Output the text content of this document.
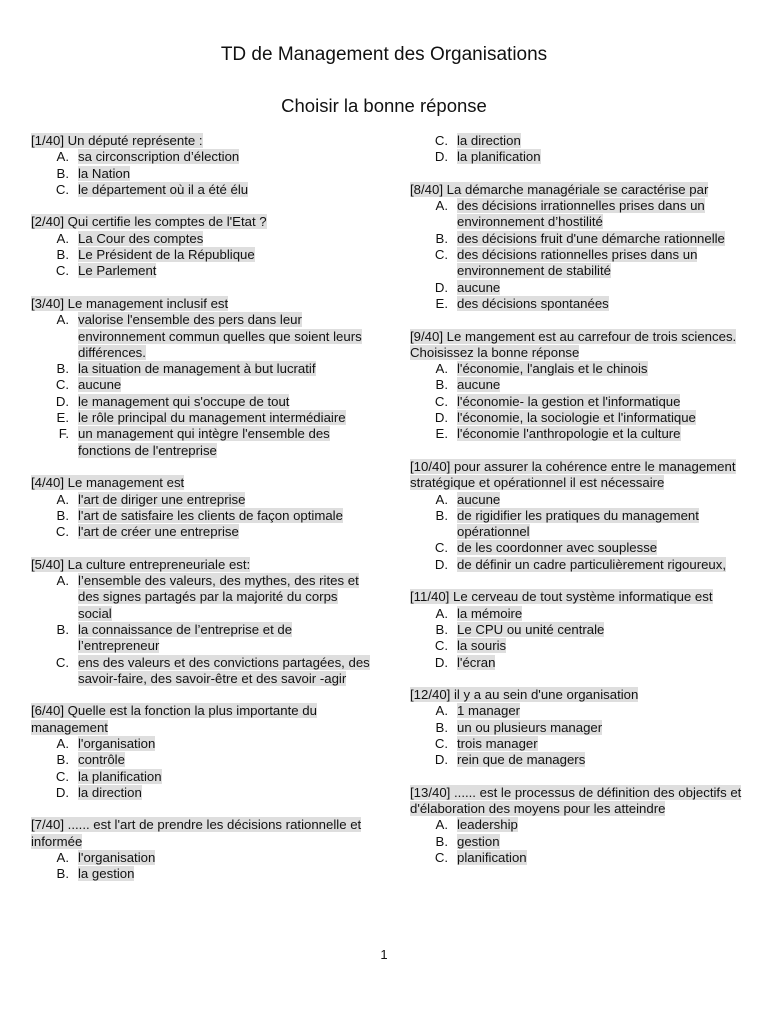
TD de Management des Organisations
Choisir la bonne réponse
[1/40] Un député représente :
A. sa circonscription d’élection
B. la Nation
C. le département où il a été élu
[2/40] Qui certifie les comptes de l'Etat ?
A. La Cour des comptes
B. Le Président de la République
C. Le Parlement
[3/40] Le management inclusif est
A. valorise l'ensemble des pers dans leur environnement commun quelles que soient leurs différences.
B. la situation de management à but lucratif
C. aucune
D. le management qui s'occupe de tout
E. le rôle principal du management intermédiaire
F. un management qui intègre l'ensemble des fonctions de l'entreprise
[4/40] Le management est
A. l'art de diriger une entreprise
B. l'art de satisfaire les clients de façon optimale
C. l'art de créer une entreprise
[5/40] La culture entrepreneuriale est:
A. l’ensemble des valeurs, des mythes, des rites et des signes partagés par la majorité du corps social
B. la connaissance de l’entreprise et de l’entrepreneur
C. ens des valeurs et des convictions partagées, des savoir-faire, des savoir-être et des savoir -agir
[6/40] Quelle est la fonction la plus importante du management
A. l'organisation
B. contrôle
C. la planification
D. la direction
[7/40] ...... est l'art de prendre les décisions rationnelle et informée
A. l'organisation
B. la gestion
C. la direction
D. la planification
[8/40] La démarche managériale se caractérise par
A. des décisions irrationnelles prises dans un environnement d’hostilité
B. des décisions fruit d'une démarche rationnelle
C. des décisions rationnelles prises dans un environnement de stabilité
D. aucune
E. des décisions spontanées
[9/40] Le mangement est au carrefour de trois sciences. Choisissez la bonne réponse
A. l'économie, l'anglais et le chinois
B. aucune
C. l'économie- la gestion et l'informatique
D. l'économie, la sociologie et l'informatique
E. l'économie l'anthropologie et la culture
[10/40] pour assurer la cohérence entre le management stratégique et opérationnel il est nécessaire
A. aucune
B. de rigidifier les pratiques du management opérationnel
C. de les coordonner avec souplesse
D. de définir un cadre particulièrement rigoureux,
[11/40] Le cerveau de tout système informatique est
A. la mémoire
B. Le CPU ou unité centrale
C. la souris
D. l'écran
[12/40] il y a au sein d'une organisation
A. 1 manager
B. un ou plusieurs manager
C. trois manager
D. rein que de managers
[13/40] ...... est le processus de définition des objectifs et d'élaboration des moyens pour les atteindre
A. leadership
B. gestion
C. planification
1
